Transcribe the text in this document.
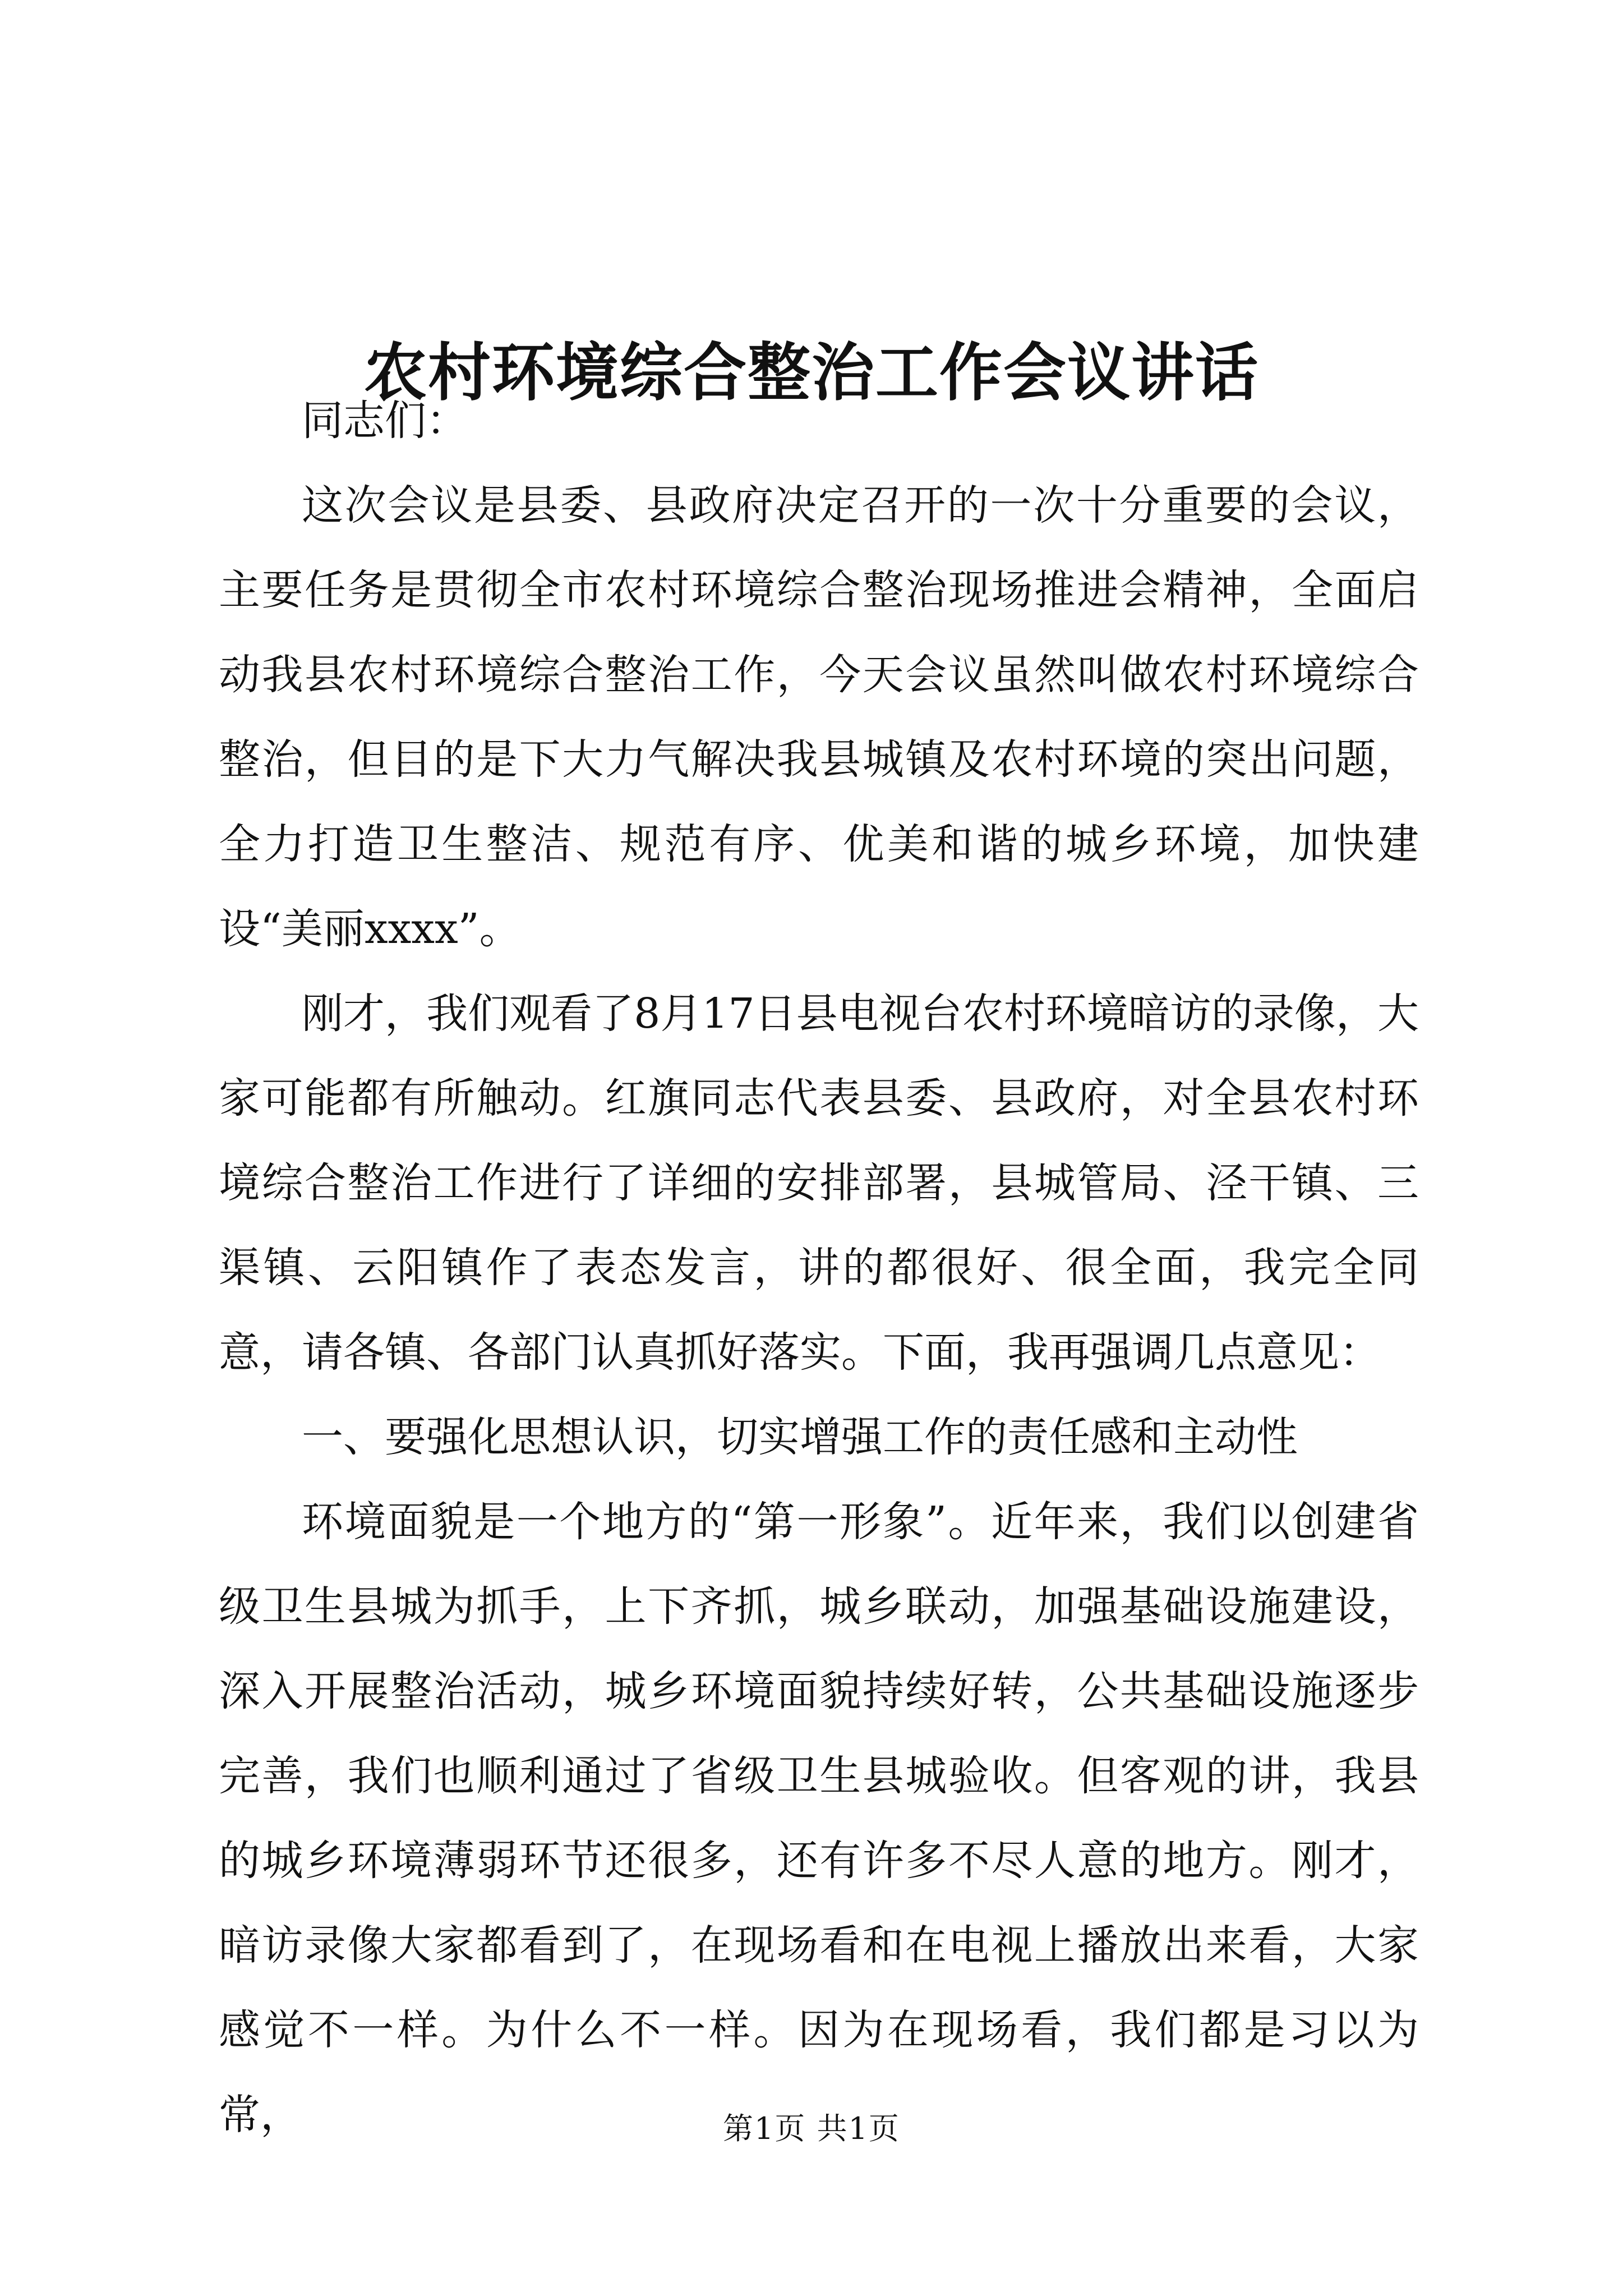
农村环境综合整治工作会议讲话

同志们：

这次会议是县委、县政府决定召开的一次十分重要的会议，主要任务是贯彻全市农村环境综合整治现场推进会精神，全面启动我县农村环境综合整治工作，今天会议虽然叫做农村环境综合整治，但目的是下大力气解决我县城镇及农村环境的突出问题，全力打造卫生整洁、规范有序、优美和谐的城乡环境，加快建设“美丽xxxx”。

刚才，我们观看了8月17日县电视台农村环境暗访的录像，大家可能都有所触动。红旗同志代表县委、县政府，对全县农村环境综合整治工作进行了详细的安排部署，县城管局、泾干镇、三渠镇、云阳镇作了表态发言，讲的都很好、很全面，我完全同意，请各镇、各部门认真抓好落实。下面，我再强调几点意见：

一、要强化思想认识，切实增强工作的责任感和主动性

环境面貌是一个地方的“第一形象”。近年来，我们以创建省级卫生县城为抓手，上下齐抓，城乡联动，加强基础设施建设，深入开展整治活动，城乡环境面貌持续好转，公共基础设施逐步完善，我们也顺利通过了省级卫生县城验收。但客观的讲，我县的城乡环境薄弱环节还很多，还有许多不尽人意的地方。刚才，暗访录像大家都看到了，在现场看和在电视上播放出来看，大家感觉不一样。为什么不一样。因为在现场看，我们都是习以为常，	第1页 共1页
